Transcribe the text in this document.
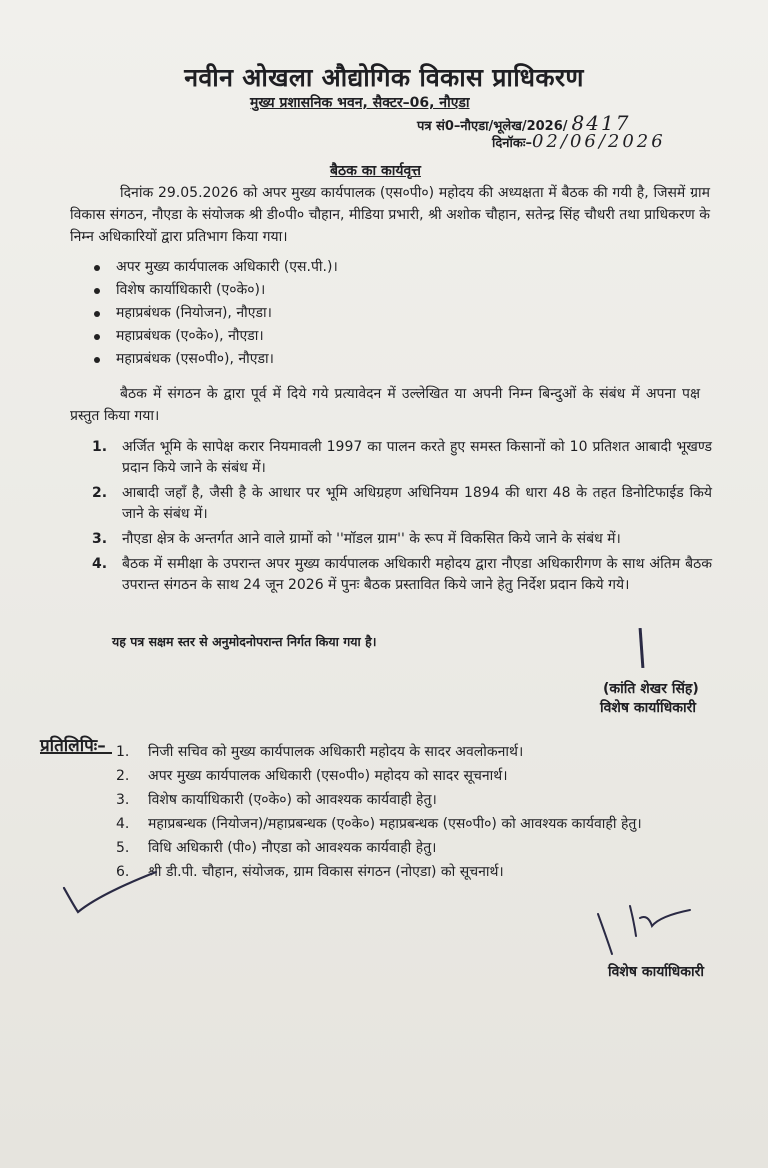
नवीन ओखला औद्योगिक विकास प्राधिकरण
मुख्य प्रशासनिक भवन, सैक्टर–06, नौएडा
पत्र सं0–नौएडा/भूलेख/2026/ 8417
दिनॉकः–02/06/2026
बैठक का कार्यवृत्त
दिनांक 29.05.2026 को अपर मुख्य कार्यपालक (एस०पी०) महोदय की अध्यक्षता में बैठक की गयी है, जिसमें ग्राम विकास संगठन, नौएडा के संयोजक श्री डी०पी० चौहान, मीडिया प्रभारी, श्री अशोक चौहान, सतेन्द्र सिंह चौधरी तथा प्राधिकरण के निम्न अधिकारियों द्वारा प्रतिभाग किया गया।
अपर मुख्य कार्यपालक अधिकारी (एस.पी.)।
विशेष कार्याधिकारी (ए०के०)।
महाप्रबंधक (नियोजन), नौएडा।
महाप्रबंधक (ए०के०), नौएडा।
महाप्रबंधक (एस०पी०), नौएडा।
बैठक में संगठन के द्वारा पूर्व में दिये गये प्रत्यावेदन में उल्लेखित या अपनी निम्न बिन्दुओं के संबंध में अपना पक्ष प्रस्तुत किया गया।
1.	अर्जित भूमि के सापेक्ष करार नियमावली 1997 का पालन करते हुए समस्त किसानों को 10 प्रतिशत आबादी भूखण्ड प्रदान किये जाने के संबंध में।
2.	आबादी जहॉं है, जैसी है के आधार पर भूमि अधिग्रहण अधिनियम 1894 की धारा 48 के तहत डिनोटिफाईड किये जाने के संबंध में।
3.	नौएडा क्षेत्र के अन्तर्गत आने वाले ग्रामों को ''मॉडल ग्राम'' के रूप में विकसित किये जाने के संबंध में।
4.	बैठक में समीक्षा के उपरान्त अपर मुख्य कार्यपालक अधिकारी महोदय द्वारा नौएडा अधिकारीगण के साथ अंतिम बैठक उपरान्त संगठन के साथ 24 जून 2026 में पुनः बैठक प्रस्तावित किये जाने हेतु निर्देश प्रदान किये गये।
यह पत्र सक्षम स्तर से अनुमोदनोपरान्त निर्गत किया गया है।
(कांति शेखर सिंह)
विशेष कार्याधिकारी
प्रतिलिपिः– 1.	निजी सचिव को मुख्य कार्यपालक अधिकारी महोदय के सादर अवलोकनार्थ।
2.	अपर मुख्य कार्यपालक अधिकारी (एस०पी०) महोदय को सादर सूचनार्थ।
3.	विशेष कार्याधिकारी (ए०के०) को आवश्यक कार्यवाही हेतु।
4.	महाप्रबन्धक (नियोजन)/महाप्रबन्धक (ए०के०) महाप्रबन्धक (एस०पी०) को आवश्यक कार्यवाही हेतु।
5.	विधि अधिकारी (पी०) नौएडा को आवश्यक कार्यवाही हेतु।
6.	श्री डी.पी. चौहान, संयोजक, ग्राम विकास संगठन (नोएडा) को सूचनार्थ।
विशेष कार्याधिकारी
